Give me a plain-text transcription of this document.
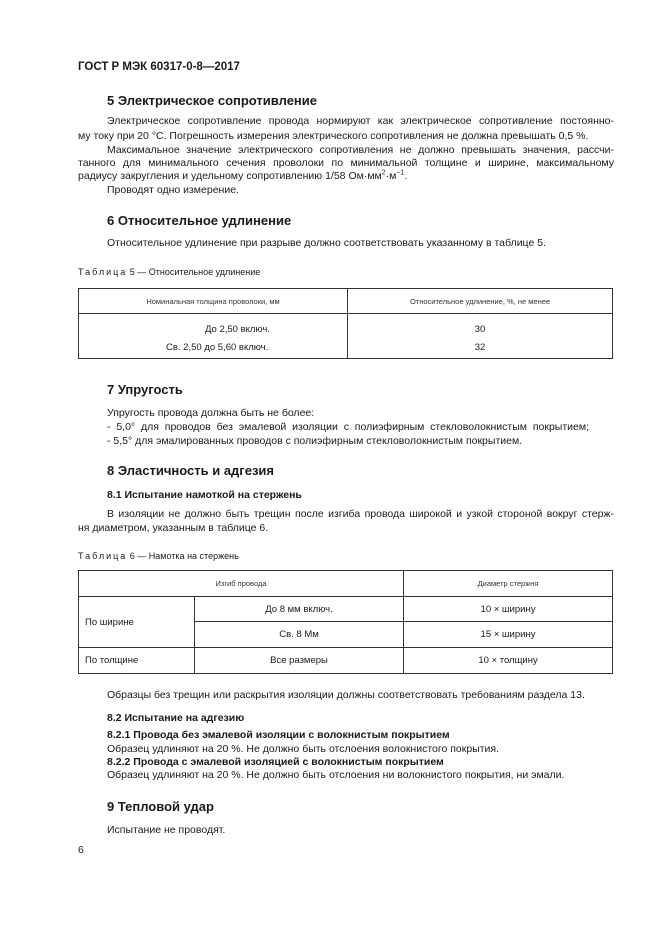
ГОСТ Р МЭК 60317-0-8—2017
5 Электрическое сопротивление
Электрическое сопротивление провода нормируют как электрическое сопротивление постоянно-
му току при 20 °С. Погрешность измерения электрического сопротивления не должна превышать 0,5 %.
Максимальное значение электрического сопротивления не должно превышать значения, рассчи-
танного для минимального сечения проволоки по минимальной толщине и ширине, максимальному
радиусу закругления и удельному сопротивлению 1/58 $Ом\cdot мм^2\cdot м^{-1}$.
Проводят одно измерение.
6 Относительное удлинение
Относительное удлинение при разрыве должно соответствовать указанному в таблице 5.
Таблица 5 — Относительное удлинение
Номинальная толщина проволоки, мм	Относительное удлинение, %, не менее
До 2,50 включ.	30
Св. 2,50 до 5,60 включ.	32
7 Упругость
Упругость провода должна быть не более:
- 5,0° для проводов без эмалевой изоляции с полиэфирным стекловолокнистым покрытием;
- 5,5° для эмалированных проводов с полиэфирным стекловолокнистым покрытием.
8 Эластичность и адгезия
8.1 Испытание намоткой на стержень
В изоляции не должно быть трещин после изгиба провода широкой и узкой стороной вокруг стерж-
ня диаметром, указанным в таблице 6.
Таблица 6 — Намотка на стержень
Изгиб провода		Диаметр стержня
По ширине	До 8 мм включ.	10 × ширину
	Св. 8 Мм	15 × ширину
По толщине	Все размеры	10 × толщину
Образцы без трещин или раскрытия изоляции должны соответствовать требованиям раздела 13.
8.2 Испытание на адгезию
8.2.1 Провода без эмалевой изоляции с волокнистым покрытием
Образец удлиняют на 20 %. Не должно быть отслоения волокнистого покрытия.
8.2.2 Провода с эмалевой изоляцией с волокнистым покрытием
Образец удлиняют на 20 %. Не должно быть отслоения ни волокнистого покрытия, ни эмали.
9 Тепловой удар
Испытание не проводят.
6
